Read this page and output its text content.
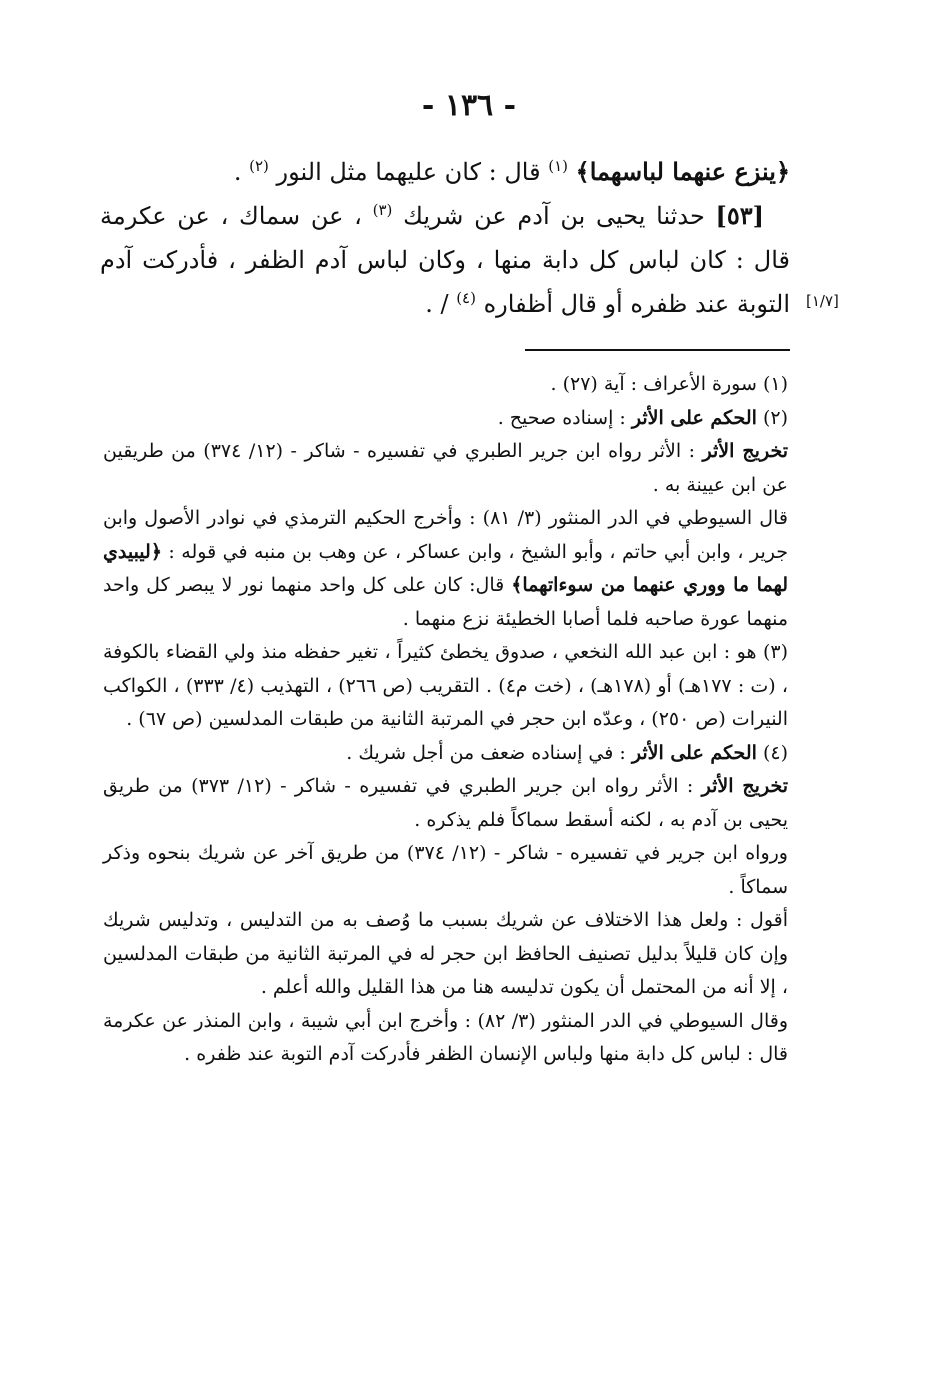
- ١٣٦ -

﴿ينزع عنهما لباسهما﴾ $^{(١)}$ قال : كان عليهما مثل النور $^{(٢)}$ .

[٥٣] حدثنا يحيى بن آدم عن شريك $^{(٣)}$ ، عن سماك ، عن عكرمة قال : كان لباس كل دابة منها ، وكان لباس آدم الظفر ، فأدركت آدم التوبة عند ظفره أو قال أظفاره $^{(٤)}$ / .	[١/٧]

(١) سورة الأعراف : آية (٢٧) .

(٢) الحكم على الأثر : إسناده صحيح .

تخريج الأثر : الأثر رواه ابن جرير الطبري في تفسيره - شاكر - (١٢/ ٣٧٤) من طريقين عن ابن عيينة به .

قال السيوطي في الدر المنثور (٣/ ٨١) : وأخرج الحكيم الترمذي في نوادر الأصول وابن جرير ، وابن أبي حاتم ، وأبو الشيخ ، وابن عساكر ، عن وهب بن منبه في قوله : ﴿ليبيدي لهما ما ووري عنهما من سوءاتهما﴾ قال: كان على كل واحد منهما نور لا يبصر كل واحد منهما عورة صاحبه فلما أصابا الخطيئة نزع منهما .

(٣) هو : ابن عبد الله النخعي ، صدوق يخطئ كثيراً ، تغير حفظه منذ ولي القضاء بالكوفة ، (ت : ١٧٧هـ) أو (١٧٨هـ) ، (خت م٤) . التقريب (ص ٢٦٦) ، التهذيب (٤/ ٣٣٣) ، الكواكب النيرات (ص ٢٥٠) ، وعدّه ابن حجر في المرتبة الثانية من طبقات المدلسين (ص ٦٧) .

(٤) الحكم على الأثر : في إسناده ضعف من أجل شريك .

تخريج الأثر : الأثر رواه ابن جرير الطبري في تفسيره - شاكر - (١٢/ ٣٧٣) من طريق يحيى بن آدم به ، لكنه أسقط سماكاً فلم يذكره .

ورواه ابن جرير في تفسيره - شاكر - (١٢/ ٣٧٤) من طريق آخر عن شريك بنحوه وذكر سماكاً .

أقول : ولعل هذا الاختلاف عن شريك بسبب ما وُصف به من التدليس ، وتدليس شريك وإن كان قليلاً بدليل تصنيف الحافظ ابن حجر له في المرتبة الثانية من طبقات المدلسين ، إلا أنه من المحتمل أن يكون تدليسه هنا من هذا القليل والله أعلم .

وقال السيوطي في الدر المنثور (٣/ ٨٢) : وأخرج ابن أبي شيبة ، وابن المنذر عن عكرمة قال : لباس كل دابة منها ولباس الإنسان الظفر فأدركت آدم التوبة عند ظفره .
